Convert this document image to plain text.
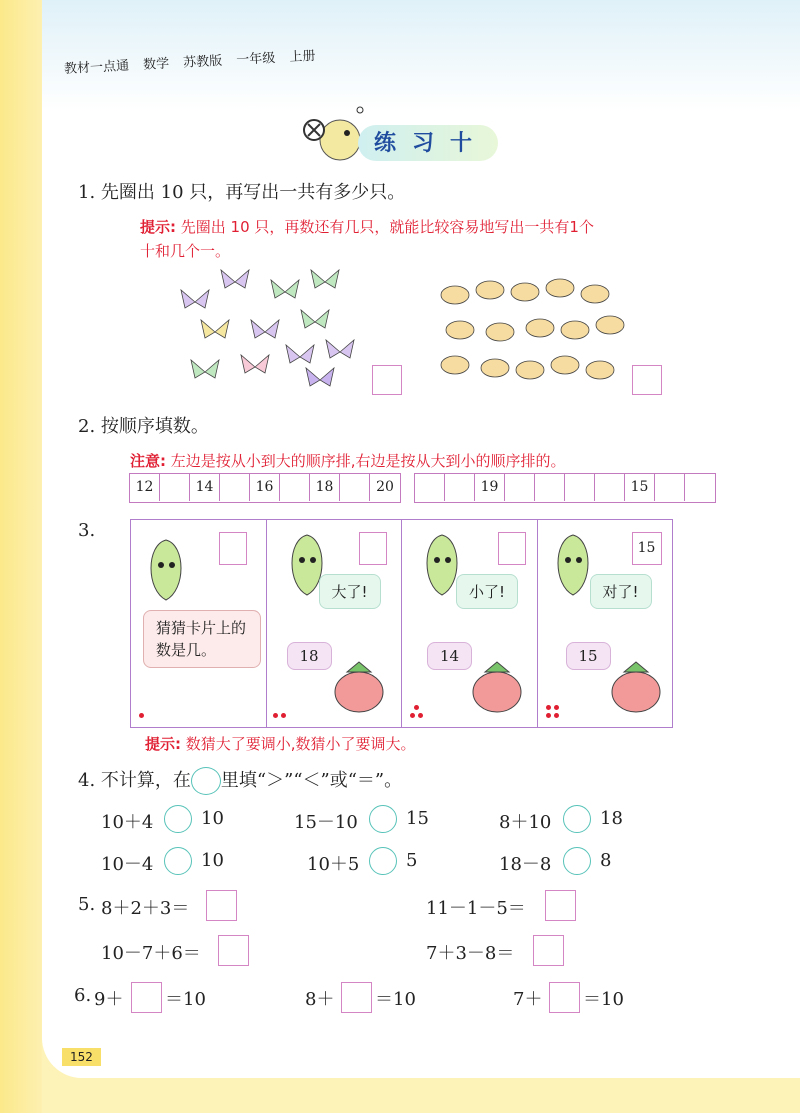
教材一点通 数学 苏教版 一年级 上册
练习十
1. 先圈出 10 只，再写出一共有多少只。
提示: 先圈出 10 只，再数还有几只，就能比较容易地写出一共有1个
十和几个一。
2. 按顺序填数。
注意: 左边是按从小到大的顺序排,右边是按从大到小的顺序排的。
12	14	16	18	20	19	15
3.
猜猜卡片上的数是几。
大了!
18
小了!
14
15
对了!
15
提示: 数猜大了要调小,数猜小了要调大。
4. 不计算，在 里填“＞”“＜”或“＝”。
10＋4	10	15－10	15	8＋10	18
10－4	10	10＋5	5	18－8	8
5. 8＋2＋3＝	11－1－5＝
10－7＋6＝	7＋3－8＝
6. 9＋ ＝10	8＋ ＝10	7＋ ＝10
152
